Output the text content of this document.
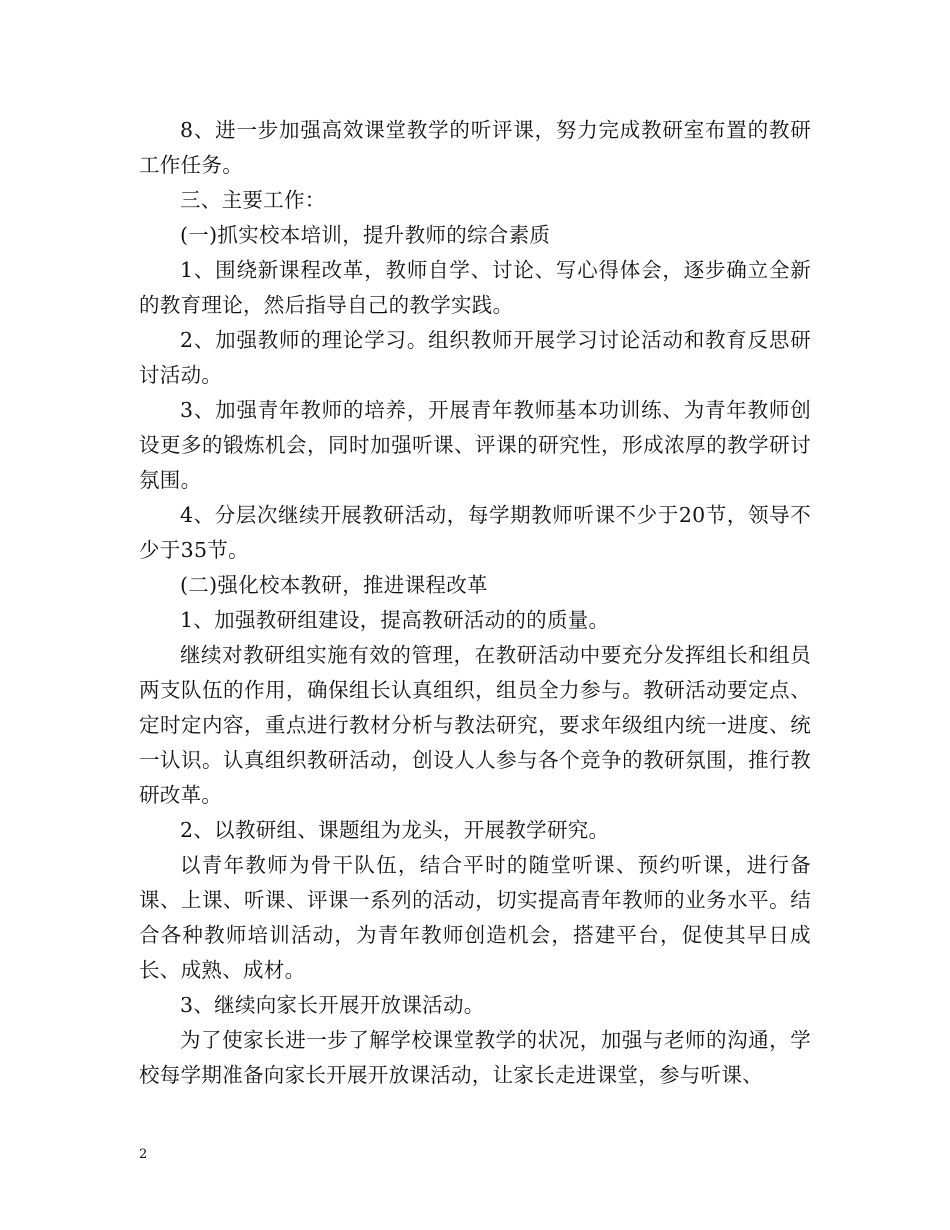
8、进一步加强高效课堂教学的听评课，努力完成教研室布置的教研工作任务。

三、主要工作：

(一)抓实校本培训，提升教师的综合素质

1、围绕新课程改革，教师自学、讨论、写心得体会，逐步确立全新的教育理论，然后指导自己的教学实践。

2、加强教师的理论学习。组织教师开展学习讨论活动和教育反思研讨活动。

3、加强青年教师的培养，开展青年教师基本功训练、为青年教师创设更多的锻炼机会，同时加强听课、评课的研究性，形成浓厚的教学研讨氛围。

4、分层次继续开展教研活动，每学期教师听课不少于20节，领导不少于35节。

(二)强化校本教研，推进课程改革

1、加强教研组建设，提高教研活动的的质量。

继续对教研组实施有效的管理，在教研活动中要充分发挥组长和组员两支队伍的作用，确保组长认真组织，组员全力参与。教研活动要定点、定时定内容，重点进行教材分析与教法研究，要求年级组内统一进度、统一认识。认真组织教研活动，创设人人参与各个竞争的教研氛围，推行教研改革。

2、以教研组、课题组为龙头，开展教学研究。

以青年教师为骨干队伍，结合平时的随堂听课、预约听课，进行备课、上课、听课、评课一系列的活动，切实提高青年教师的业务水平。结合各种教师培训活动，为青年教师创造机会，搭建平台，促使其早日成长、成熟、成材。

3、继续向家长开展开放课活动。

为了使家长进一步了解学校课堂教学的状况，加强与老师的沟通，学校每学期准备向家长开展开放课活动，让家长走进课堂，参与听课、

2
